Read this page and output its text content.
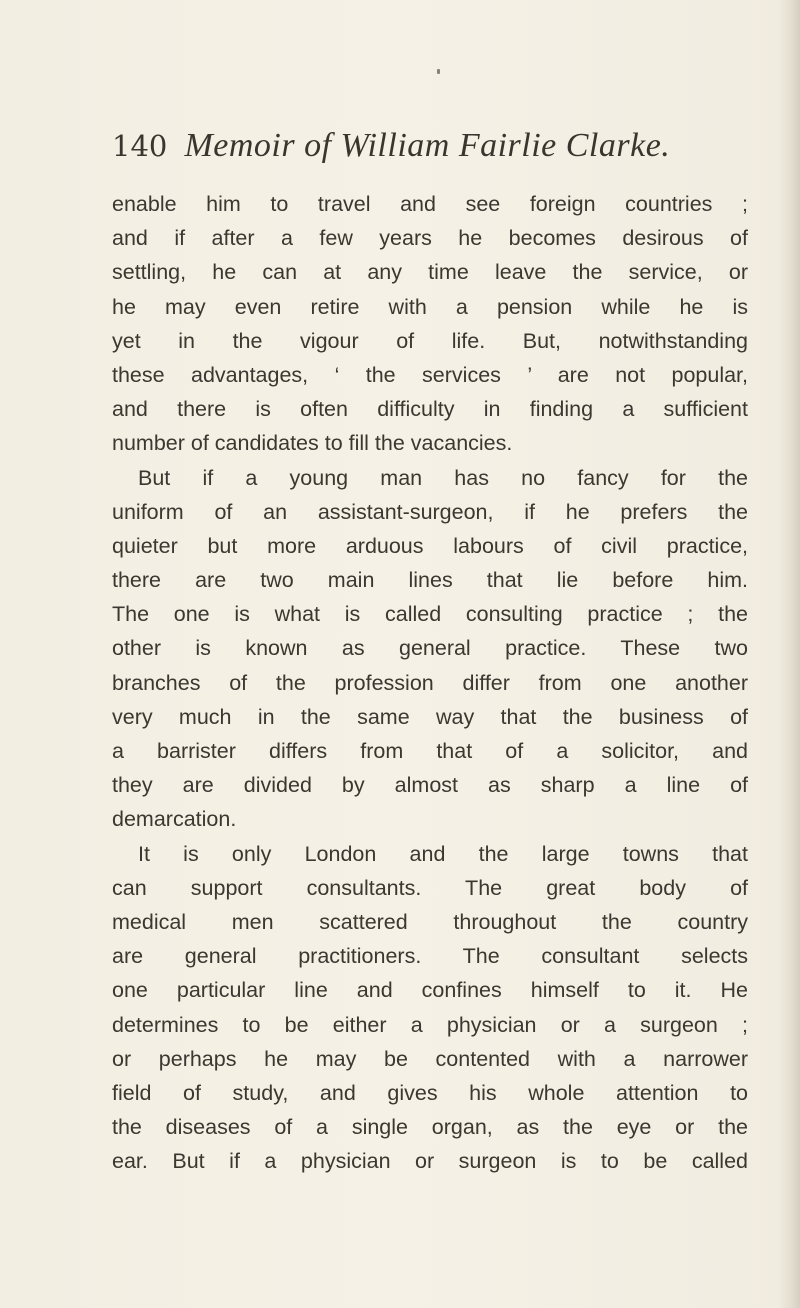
140 Memoir of William Fairlie Clarke.
enable him to travel and see foreign countries ;
and if after a few years he becomes desirous of
settling, he can at any time leave the service, or
he may even retire with a pension while he is
yet in the vigour of life. But, notwithstanding
these advantages, ‘ the services ’ are not popular,
and there is often difficulty in finding a sufficient
number of candidates to fill the vacancies.
But if a young man has no fancy for the
uniform of an assistant-surgeon, if he prefers the
quieter but more arduous labours of civil practice,
there are two main lines that lie before him.
The one is what is called consulting practice ; the
other is known as general practice. These two
branches of the profession differ from one another
very much in the same way that the business of
a barrister differs from that of a solicitor, and
they are divided by almost as sharp a line of
demarcation.
It is only London and the large towns that
can support consultants. The great body of
medical men scattered throughout the country
are general practitioners. The consultant selects
one particular line and confines himself to it. He
determines to be either a physician or a surgeon ;
or perhaps he may be contented with a narrower
field of study, and gives his whole attention to
the diseases of a single organ, as the eye or the
ear. But if a physician or surgeon is to be called
